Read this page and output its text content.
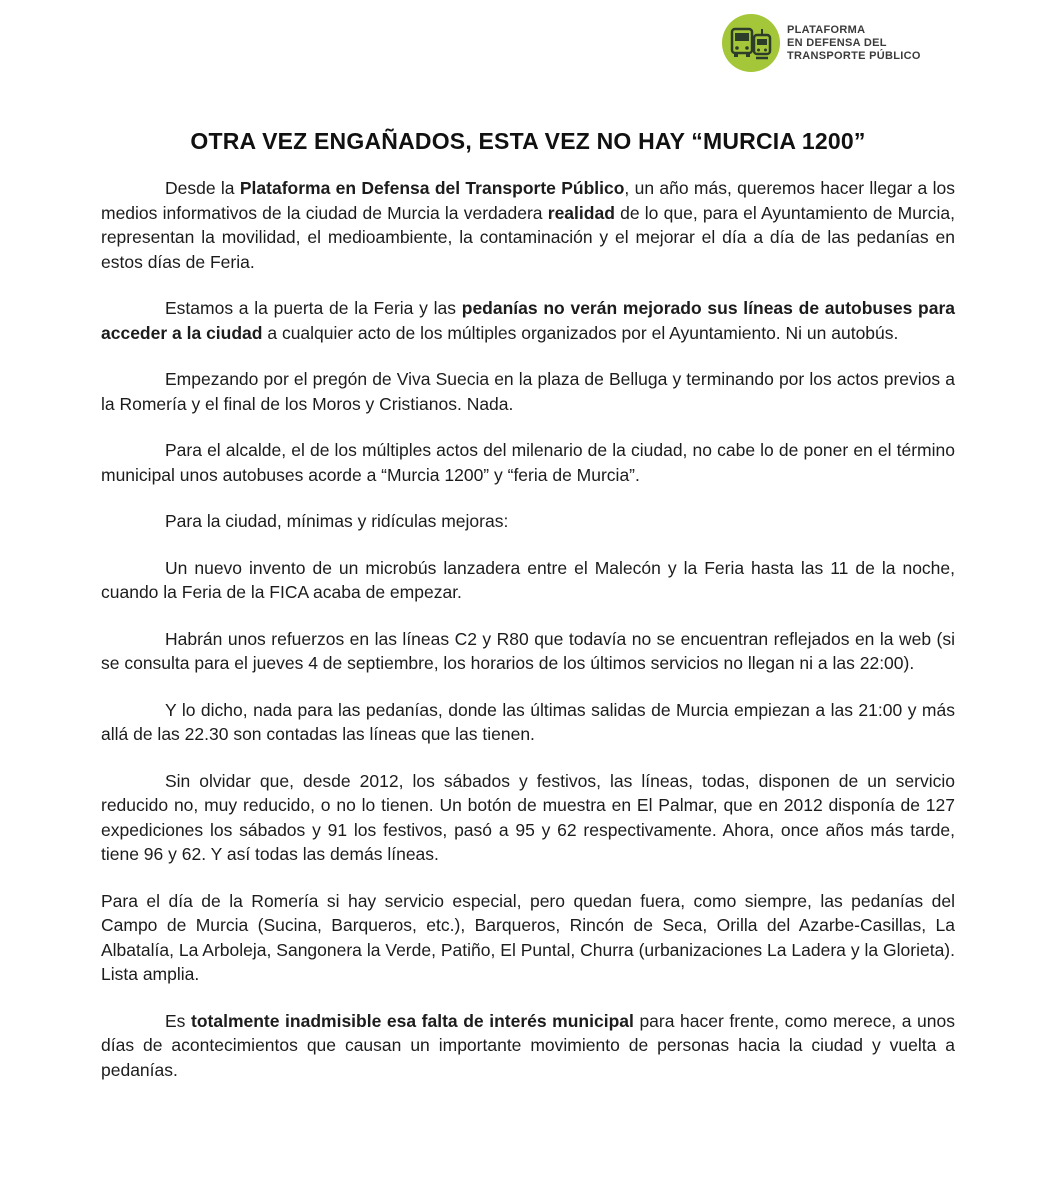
PLATAFORMA
EN DEFENSA DEL
TRANSPORTE PÚBLICO
OTRA VEZ ENGAÑADOS, ESTA VEZ NO HAY “MURCIA 1200”

Desde la Plataforma en Defensa del Transporte Público, un año más, queremos hacer llegar a los medios informativos de la ciudad de Murcia la verdadera realidad de lo que, para el Ayuntamiento de Murcia, representan la movilidad, el medioambiente, la contaminación y el mejorar el día a día de las pedanías en estos días de Feria.

Estamos a la puerta de la Feria y las pedanías no verán mejorado sus líneas de autobuses para acceder a la ciudad a cualquier acto de los múltiples organizados por el Ayuntamiento. Ni un autobús.

Empezando por el pregón de Viva Suecia en la plaza de Belluga y terminando por los actos previos a la Romería y el final de los Moros y Cristianos. Nada.

Para el alcalde, el de los múltiples actos del milenario de la ciudad, no cabe lo de poner en el término municipal unos autobuses acorde a “Murcia 1200” y “feria de Murcia”.

Para la ciudad, mínimas y ridículas mejoras:

Un nuevo invento de un microbús lanzadera entre el Malecón y la Feria hasta las 11 de la noche, cuando la Feria de la FICA acaba de empezar.

Habrán unos refuerzos en las líneas C2 y R80 que todavía no se encuentran reflejados en la web (si se consulta para el jueves 4 de septiembre, los horarios de los últimos servicios no llegan ni a las 22:00).

Y lo dicho, nada para las pedanías, donde las últimas salidas de Murcia empiezan a las 21:00 y más allá de las 22.30 son contadas las líneas que las tienen.

Sin olvidar que, desde 2012, los sábados y festivos, las líneas, todas, disponen de un servicio reducido no, muy reducido, o no lo tienen. Un botón de muestra en El Palmar, que en 2012 disponía de 127 expediciones los sábados y 91 los festivos, pasó a 95 y 62 respectivamente. Ahora, once años más tarde, tiene 96 y 62. Y así todas las demás líneas.

Para el día de la Romería si hay servicio especial, pero quedan fuera, como siempre, las pedanías del Campo de Murcia (Sucina, Barqueros, etc.), Barqueros, Rincón de Seca, Orilla del Azarbe-Casillas, La Albatalía, La Arboleja, Sangonera la Verde, Patiño, El Puntal, Churra (urbanizaciones La Ladera y la Glorieta). Lista amplia.

Es totalmente inadmisible esa falta de interés municipal para hacer frente, como merece, a unos días de acontecimientos que causan un importante movimiento de personas hacia la ciudad y vuelta a pedanías.
